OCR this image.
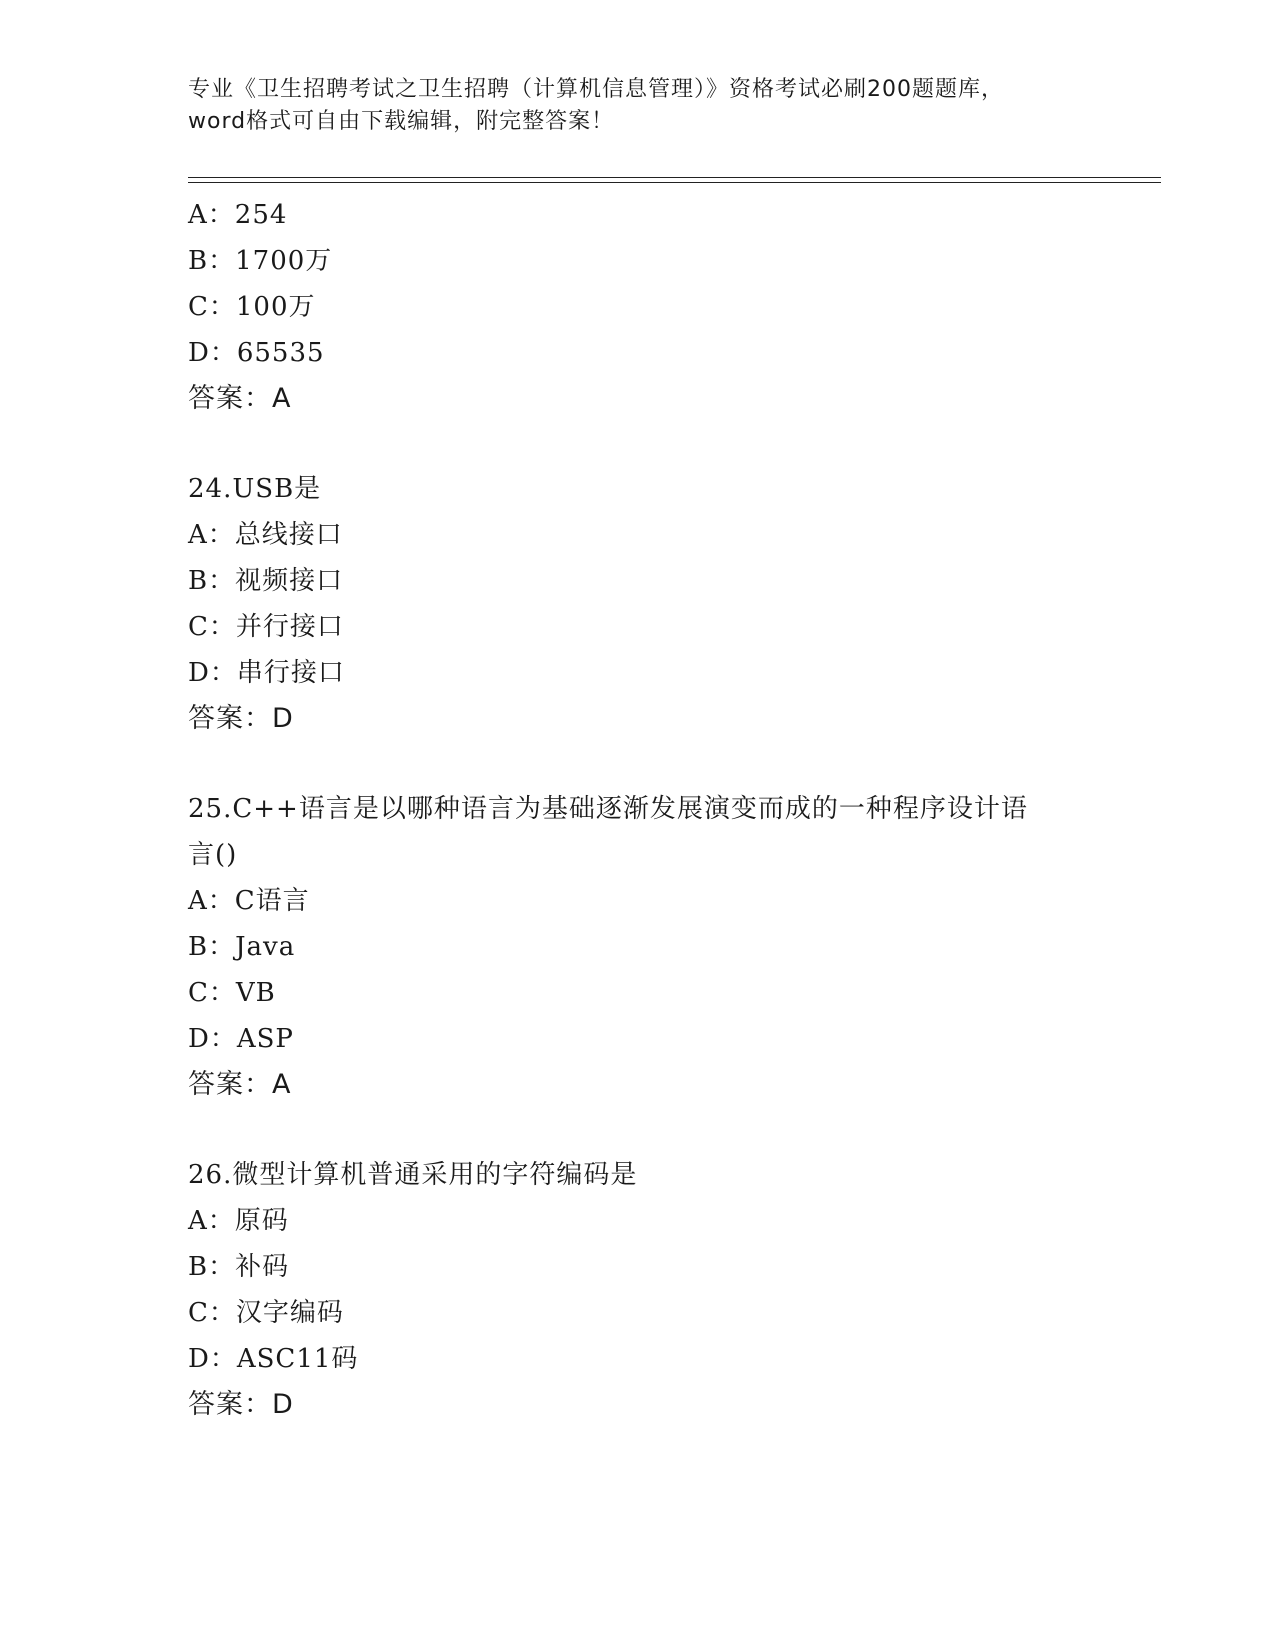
专业《卫生招聘考试之卫生招聘（计算机信息管理）》资格考试必刷200题题库，
word格式可自由下载编辑，附完整答案！
A：254
B：1700万
C：100万
D：65535
答案：A
24.USB是
A：总线接口
B：视频接口
C：并行接口
D：串行接口
答案：D
25.C++语言是以哪种语言为基础逐渐发展演变而成的一种程序设计语
言()
A：C语言
B：Java
C：VB
D：ASP
答案：A
26.微型计算机普通采用的字符编码是
A：原码
B：补码
C：汉字编码
D：ASC11码
答案：D
